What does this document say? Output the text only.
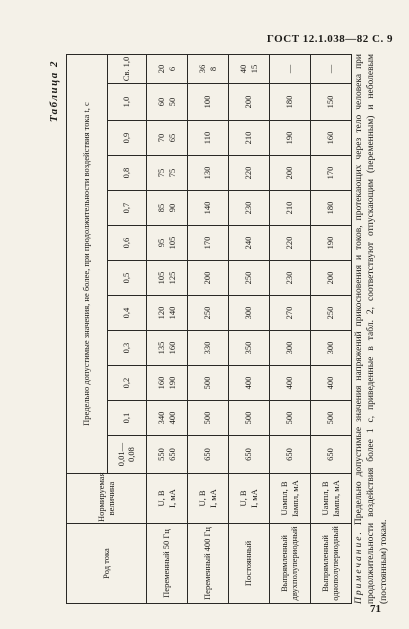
ГОСТ 12.1.038—82 С. 9
Таблица 2
Род тока	Нормируемая величина	Предельно допустимые значения, не более, при продолжительности воздействия тока t, с											
		0,01—0,08	0,1	0,2	0,3	0,4	0,5	0,6	0,7	0,8	0,9	1,0	Св. 1,0
Переменный 50 Гц	U, В I, мА	550 650	340 400	160 190	135 160	120 140	105 125	95 105	85 90	75 75	70 65	60 50	20 6

Переменный 400 Гц	U, В I, мА	650	500	500	330	250	200	170	140	130	110	100	36 8

Постоянный	U, В I, мА	650	500	400	350	300	250	240	230	220	210	200	40 15

Выпрямленный двухполупериодный	Uампл, В Iампл, мА	650	500	400	300	270	230	220	210	200	190	180	—

Выпрямленный однополупериодный	Uампл, В Iампл, мА	650	500	400	300	250	200	190	180	170	160	150	—

Примечание. Предельно допустимые значения напряжений прикосновения и токов, протекающих через тело человека при продолжительности воздействия более 1 с, приведенные в табл. 2, соответствуют отпускающим (переменным) и неболевым (постоянным) токам.

71
